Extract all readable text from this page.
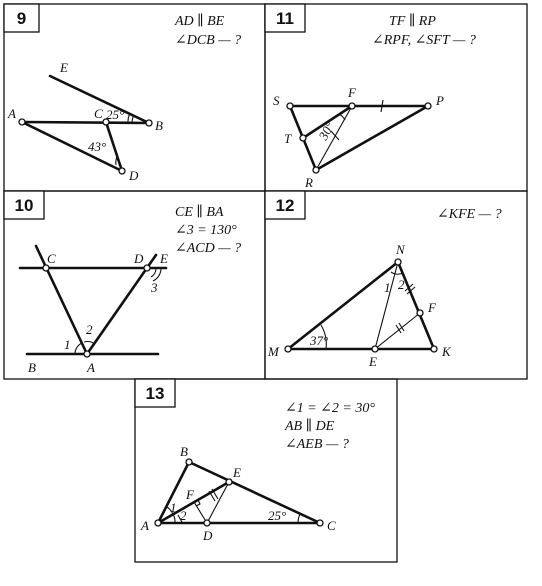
9	11
10	12
13
AD ∥ BE
∠DCB — ?
E
A	C
B
D
25°
43°
TF ∥ RP
∠RPF, ∠SFT — ?
S
F
P
T
R
30°
CE ∥ BA
∠3 = 130°
∠ACD — ?
C	D E
B	A
1
2
3
∠KFE — ?
N
F
M
E
K
37°
1 2
∠1 = ∠2 = 30°
AB ∥ DE
∠AEB — ?
B
E
F
A
D
C
1
2	25°
